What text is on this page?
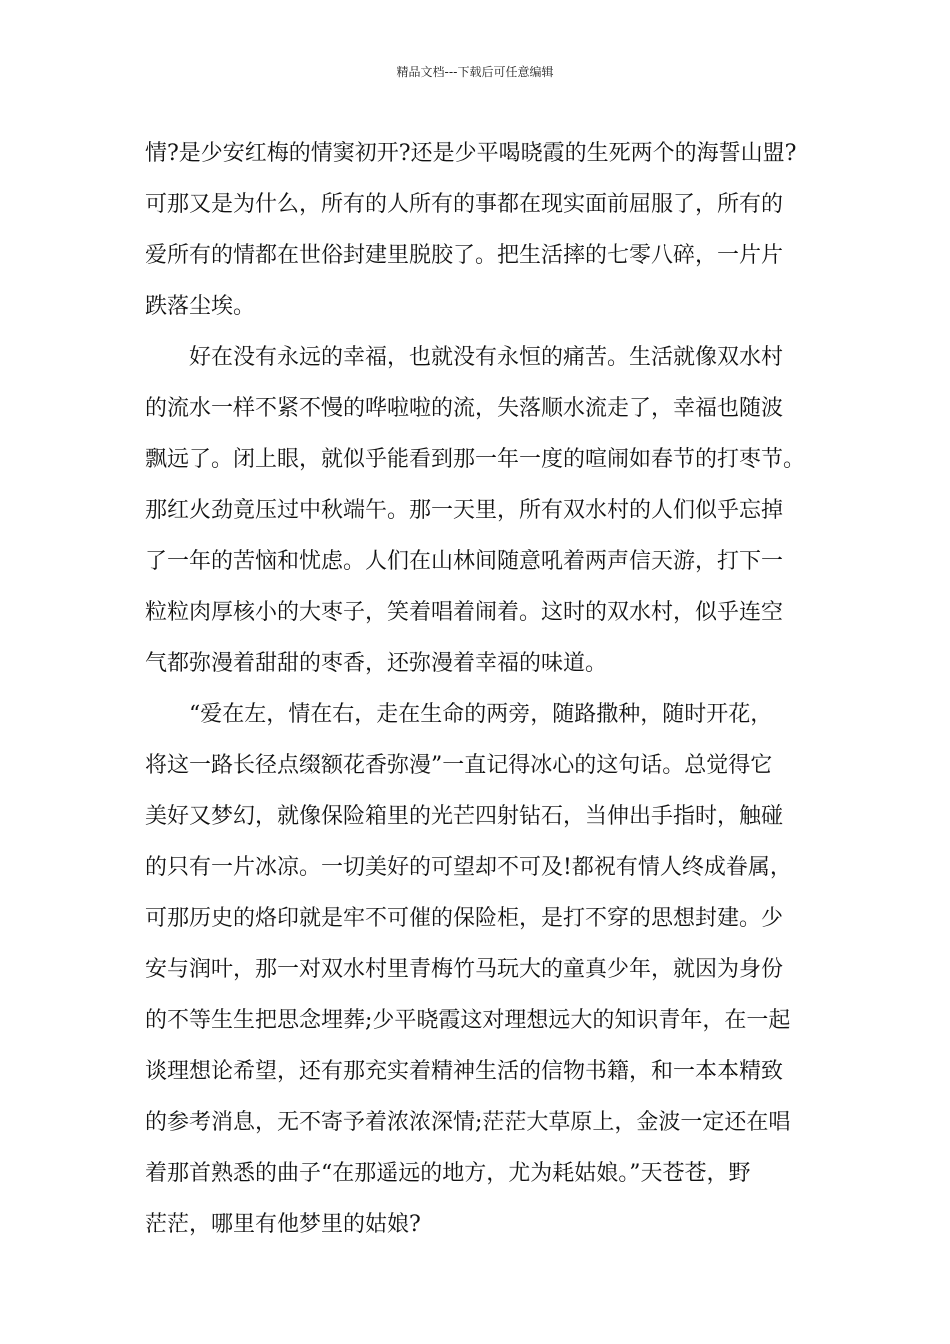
精品文档---下载后可任意编辑
情?是少安红梅的情窦初开?还是少平喝晓霞的生死两个的海誓山盟?
可那又是为什么，所有的人所有的事都在现实面前屈服了，所有的
爱所有的情都在世俗封建里脱胶了。把生活摔的七零八碎，一片片
跌落尘埃。
好在没有永远的幸福，也就没有永恒的痛苦。生活就像双水村
的流水一样不紧不慢的哗啦啦的流，失落顺水流走了，幸福也随波
飘远了。闭上眼，就似乎能看到那一年一度的喧闹如春节的打枣节。
那红火劲竟压过中秋端午。那一天里，所有双水村的人们似乎忘掉
了一年的苦恼和忧虑。人们在山林间随意吼着两声信天游，打下一
粒粒肉厚核小的大枣子，笑着唱着闹着。这时的双水村，似乎连空
气都弥漫着甜甜的枣香，还弥漫着幸福的味道。
“爱在左，情在右，走在生命的两旁，随路撒种，随时开花，
将这一路长径点缀额花香弥漫”一直记得冰心的这句话。总觉得它
美好又梦幻，就像保险箱里的光芒四射钻石，当伸出手指时，触碰
的只有一片冰凉。一切美好的可望却不可及!都祝有情人终成眷属，
可那历史的烙印就是牢不可催的保险柜，是打不穿的思想封建。少
安与润叶，那一对双水村里青梅竹马玩大的童真少年，就因为身份
的不等生生把思念埋葬;少平晓霞这对理想远大的知识青年，在一起
谈理想论希望，还有那充实着精神生活的信物书籍，和一本本精致
的参考消息，无不寄予着浓浓深情;茫茫大草原上，金波一定还在唱
着那首熟悉的曲子“在那遥远的地方，尤为耗姑娘。”天苍苍，野
茫茫，哪里有他梦里的姑娘?
